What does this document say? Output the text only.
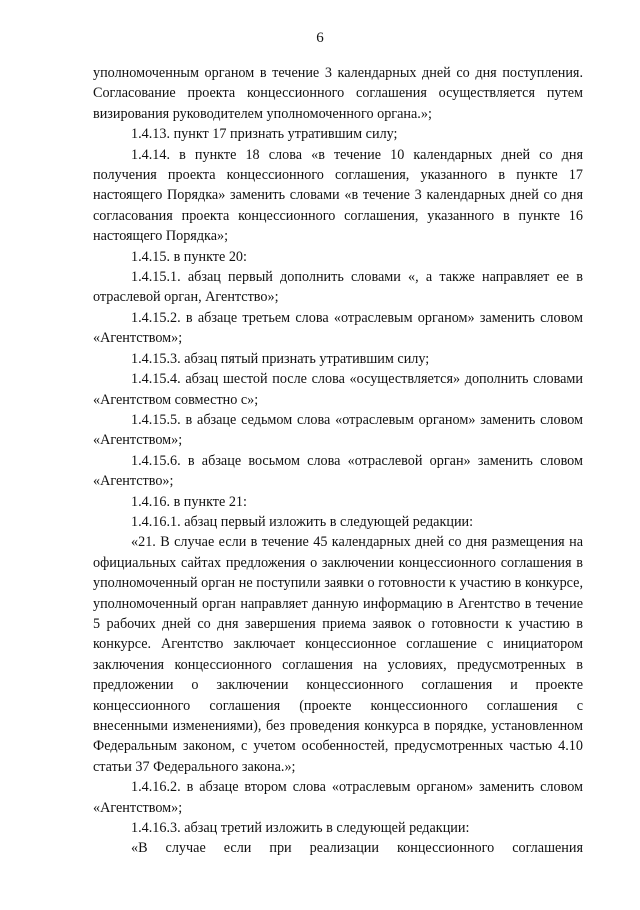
6

уполномоченным органом в течение 3 календарных дней со дня поступления. Согласование проекта концессионного соглашения осуществляется путем визирования руководителем уполномоченного органа.»;

1.4.13. пункт 17 признать утратившим силу;

1.4.14. в пункте 18 слова «в течение 10 календарных дней со дня получения проекта концессионного соглашения, указанного в пункте 17 настоящего Порядка» заменить словами «в течение 3 календарных дней со дня согласования проекта концессионного соглашения, указанного в пункте 16 настоящего Порядка»;

1.4.15. в пункте 20:

1.4.15.1. абзац первый дополнить словами «, а также направляет ее в отраслевой орган, Агентство»;

1.4.15.2. в абзаце третьем слова «отраслевым органом» заменить словом «Агентством»;

1.4.15.3. абзац пятый признать утратившим силу;

1.4.15.4. абзац шестой после слова «осуществляется» дополнить словами «Агентством совместно с»;

1.4.15.5. в абзаце седьмом слова «отраслевым органом» заменить словом «Агентством»;

1.4.15.6. в абзаце восьмом слова «отраслевой орган» заменить словом «Агентство»;

1.4.16. в пункте 21:

1.4.16.1. абзац первый изложить в следующей редакции:

«21. В случае если в течение 45 календарных дней со дня размещения на официальных сайтах предложения о заключении концессионного соглашения в уполномоченный орган не поступили заявки о готовности к участию в конкурсе, уполномоченный орган направляет данную информацию в Агентство в течение 5 рабочих дней со дня завершения приема заявок о готовности к участию в конкурсе. Агентство заключает концессионное соглашение с инициатором заключения концессионного соглашения на условиях, предусмотренных в предложении о заключении концессионного соглашения и проекте концессионного соглашения (проекте концессионного соглашения с внесенными изменениями), без проведения конкурса в порядке, установленном Федеральным законом, с учетом особенностей, предусмотренных частью 4.10 статьи 37 Федерального закона.»;

1.4.16.2. в абзаце втором слова «отраслевым органом» заменить словом «Агентством»;

1.4.16.3. абзац третий изложить в следующей редакции:

«В случае если при реализации концессионного соглашения
